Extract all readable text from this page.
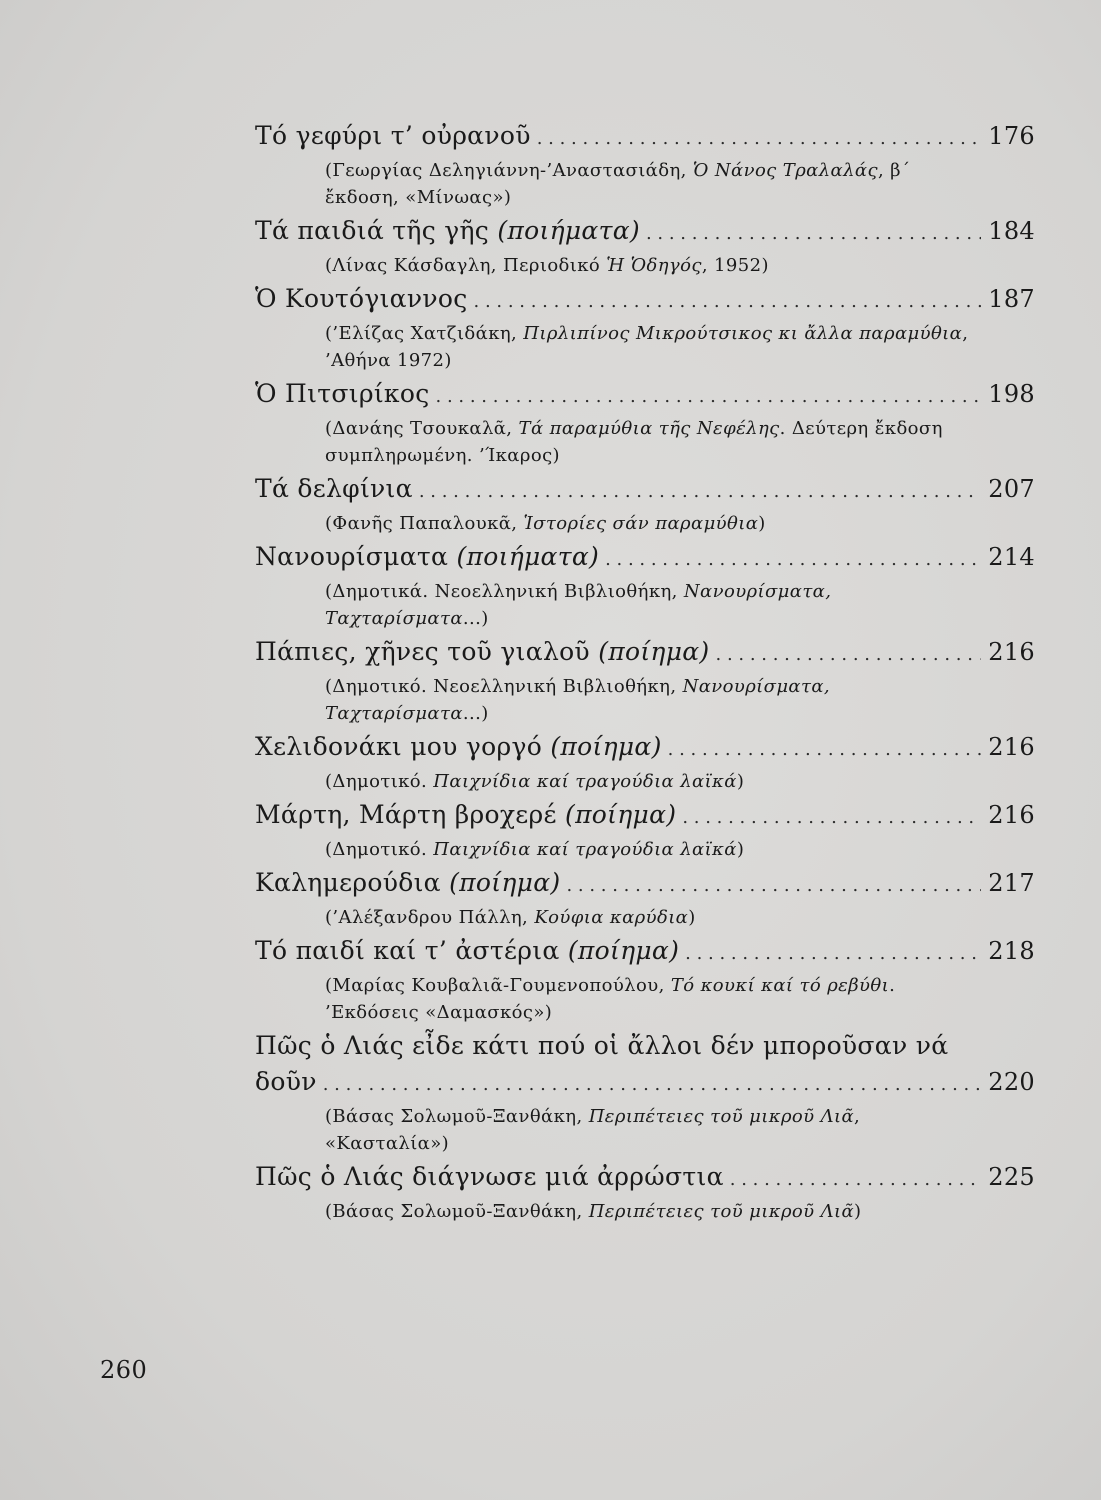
Τό γεφύρι τ’ οὐρανοῦ . . .	176
(Γεωργίας Δεληγιάννη-’Αναστασιάδη, Ὁ Νάνος Τραλαλάς, β΄ ἔκδοση, «Μίνωας»)
Τά παιδιά τῆς γῆς (ποιήματα) . . .	184
(Λίνας Κάσδαγλη, Περιοδικό Ἡ Ὁδηγός, 1952)
Ὁ Κουτόγιαννος . . .	187
(’Ελίζας Χατζιδάκη, Πιρλιπίνος Μικρούτσικος κι ἄλλα παραμύθια, ’Αθήνα 1972)
Ὁ Πιτσιρίκος . . .	198
(Δανάης Τσουκαλᾶ, Τά παραμύθια τῆς Νεφέλης. Δεύτερη ἔκδοση συμπληρωμένη. ’Ίκαρος)
Τά δελφίνια . . .	207
(Φανῆς Παπαλουκᾶ, Ἱστορίες σάν παραμύθια)
Νανουρίσματα (ποιήματα) . . .	214
(Δημοτικά. Νεοελληνική Βιβλιοθήκη, Νανουρίσματα, Ταχταρίσματα...)
Πάπιες, χῆνες τοῦ γιαλοῦ (ποίημα) . . .	216
(Δημοτικό. Νεοελληνική Βιβλιοθήκη, Νανουρίσματα, Ταχταρίσματα...)
Χελιδονάκι μου γοργό (ποίημα) . . .	216
(Δημοτικό. Παιχνίδια καί τραγούδια λαϊκά)
Μάρτη, Μάρτη βροχερέ (ποίημα) . . .	216
(Δημοτικό. Παιχνίδια καί τραγούδια λαϊκά)
Καλημερούδια (ποίημα) . . .	217
(’Αλέξανδρου Πάλλη, Κούφια καρύδια)
Τό παιδί καί τ’ ἀστέρια (ποίημα) . . .	218
(Μαρίας Κουβαλιᾶ-Γουμενοπούλου, Τό κουκί καί τό ρεβύθι. ’Εκδόσεις «Δαμασκός»)
Πῶς ὁ Λιάς εἶδε κάτι πού οἱ ἄλλοι δέν μποροῦσαν νά
δοῦν . . .	220
(Βάσας Σολωμοῦ-Ξανθάκη, Περιπέτειες τοῦ μικροῦ Λιᾶ, «Κασταλία»)
Πῶς ὁ Λιάς διάγνωσε μιά ἀρρώστια . . .	225
(Βάσας Σολωμοῦ-Ξανθάκη, Περιπέτειες τοῦ μικροῦ Λιᾶ)
260
